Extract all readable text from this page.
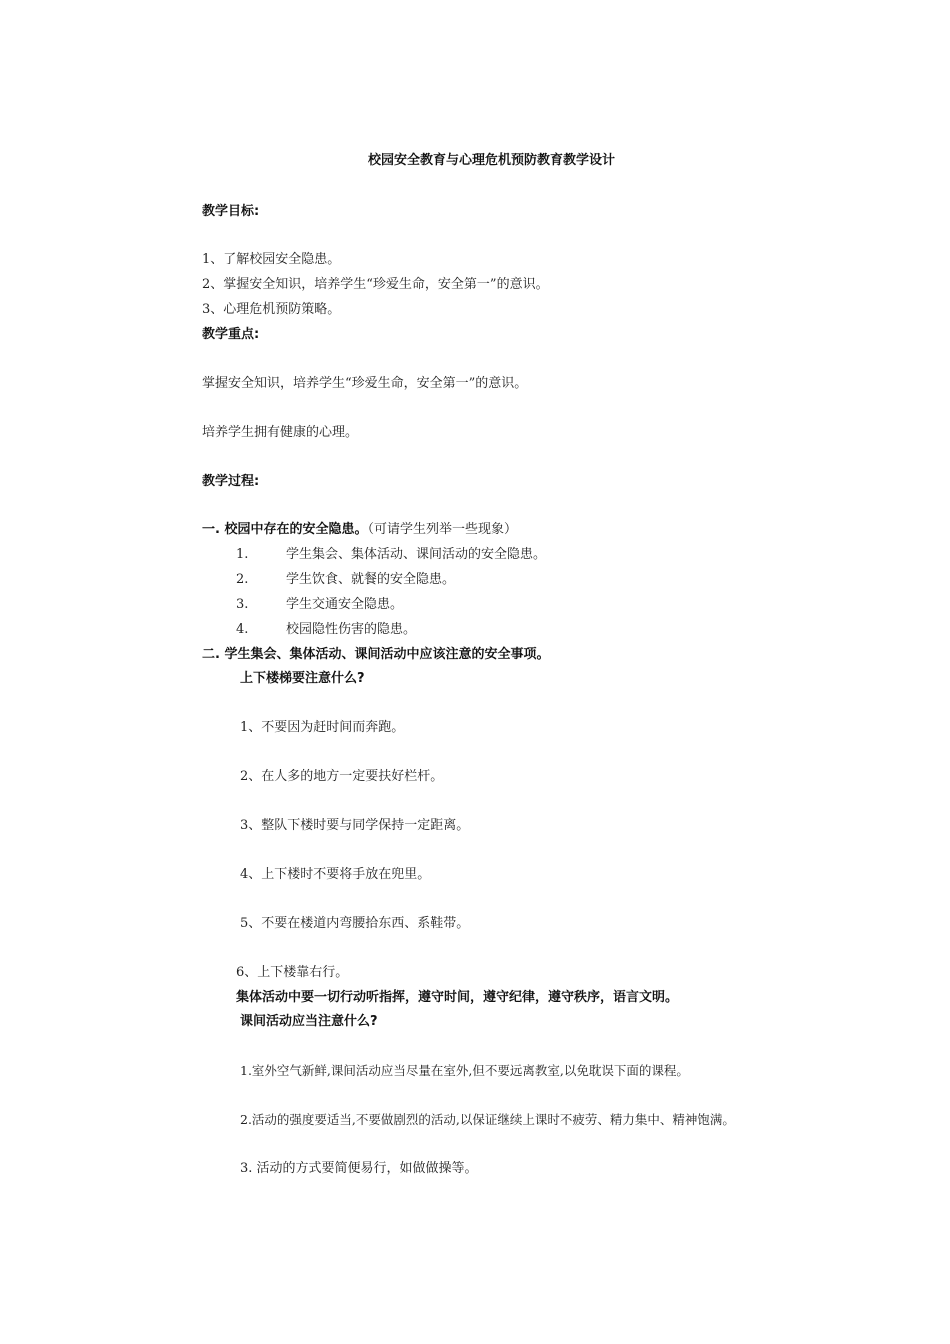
校园安全教育与心理危机预防教育教学设计
教学目标:
1、了解校园安全隐患。
2、掌握安全知识，培养学生“珍爱生命，安全第一”的意识。
3、心理危机预防策略。
教学重点:
掌握安全知识，培养学生“珍爱生命，安全第一”的意识。
培养学生拥有健康的心理。
教学过程:
一. 校园中存在的安全隐患。（可请学生列举一些现象）
1.	学生集会、集体活动、课间活动的安全隐患。
2.	学生饮食、就餐的安全隐患。
3.	学生交通安全隐患。
4.	校园隐性伤害的隐患。
二. 学生集会、集体活动、课间活动中应该注意的安全事项。
上下楼梯要注意什么?
1、不要因为赶时间而奔跑。
2、在人多的地方一定要扶好栏杆。
3、整队下楼时要与同学保持一定距离。
4、上下楼时不要将手放在兜里。
5、不要在楼道内弯腰拾东西、系鞋带。
6、上下楼靠右行。
集体活动中要一切行动听指挥，遵守时间，遵守纪律，遵守秩序，语言文明。
课间活动应当注意什么?
1.室外空气新鲜,课间活动应当尽量在室外,但不要远离教室,以免耽误下面的课程。
2.活动的强度要适当,不要做剧烈的活动,以保证继续上课时不疲劳、精力集中、精神饱满。
3. 活动的方式要简便易行，如做做操等。
